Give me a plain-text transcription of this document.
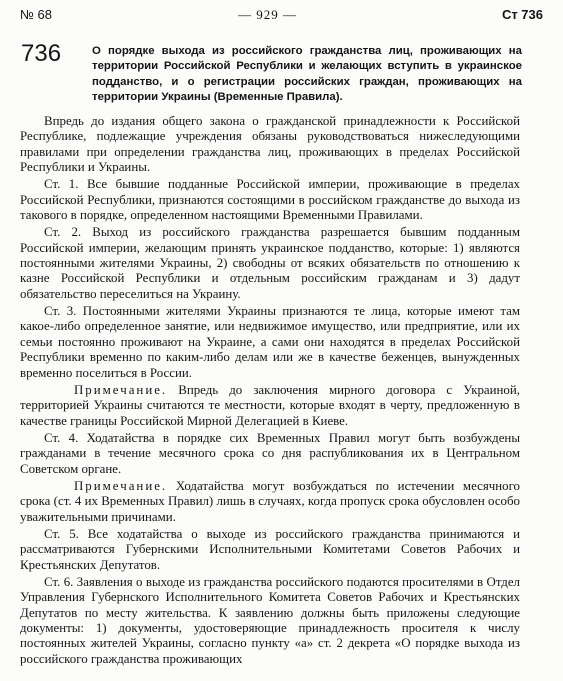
№ 68	— 929 —	Ст 736
736	О порядке выхода из российского гражданства лиц, проживающих на территории Российской Республики и желающих вступить в украинское подданство, и о регистрации российских граждан, проживающих на территории Украины (Временные Правила).

Впредь до издания общего закона о гражданской принадлежности к Российской Республике, подлежащие учреждения обязаны руководствоваться нижеследующими правилами при определении гражданства лиц, проживающих в пределах Российской Республики и Украины.

Ст. 1. Все бывшие подданные Российской империи, проживающие в пределах Российской Республики, признаются состоящими в российском гражданстве до выхода из такового в порядке, определенном настоящими Временными Правилами.

Ст. 2. Выход из российского гражданства разрешается бывшим подданным Российской империи, желающим принять украинское подданство, которые: 1) являются постоянными жителями Украины, 2) свободны от всяких обязательств по отношению к казне Российской Республики и отдельным российским гражданам и 3) дадут обязательство переселиться на Украину.

Ст. 3. Постоянными жителями Украины признаются те лица, которые имеют там какое-либо определенное занятие, или недвижимое имущество, или предприятие, или их семьи постоянно проживают на Украине, а сами они находятся в пределах Российской Республики временно по каким-либо делам или же в качестве беженцев, вынужденных временно поселиться в России.

Примечание. Впредь до заключения мирного договора с Украиной, территорией Украины считаются те местности, которые входят в черту, предложенную в качестве границы Российской Мирной Делегацией в Киеве.

Ст. 4. Ходатайства в порядке сих Временных Правил могут быть возбуждены гражданами в течение месячного срока со дня распубликования их в Центральном Советском органе.

Примечание. Ходатайства могут возбуждаться по истечении месячного срока (ст. 4 их Временных Правил) лишь в случаях, когда пропуск срока обусловлен особо уважительными причинами.

Ст. 5. Все ходатайства о выходе из российского гражданства принимаются и рассматриваются Губернскими Исполнительными Комитетами Советов Рабочих и Крестьянских Депутатов.

Ст. 6. Заявления о выходе из гражданства российского подаются просителями в Отдел Управления Губернского Исполнительного Комитета Советов Рабочих и Крестьянских Депутатов по месту жительства. К заявлению должны быть приложены следующие документы: 1) документы, удостоверяющие принадлежность просителя к числу постоянных жителей Украины, согласно пункту «а» ст. 2 декрета «О порядке выхода из российского гражданства проживающих
